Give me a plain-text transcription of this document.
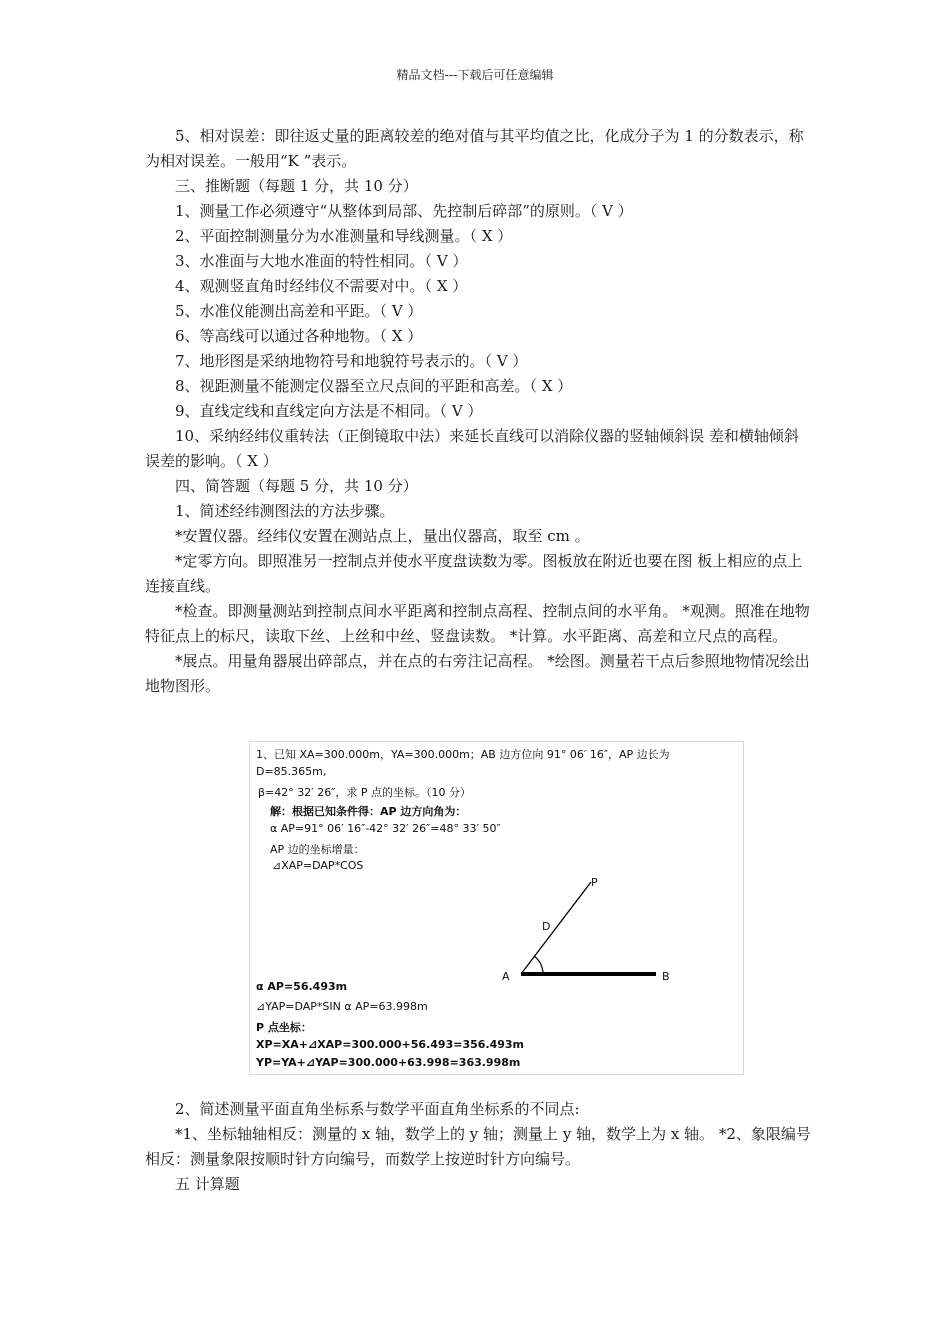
精品文档---下载后可任意编辑

5、相对误差：即往返丈量的距离较差的绝对值与其平均值之比，化成分子为 1 的分数表示，称为相对误差。一般用“K ”表示。

三、推断题（每题 1 分，共 10 分）

1、测量工作必须遵守“从整体到局部、先控制后碎部”的原则。（ V ）

2、平面控制测量分为水准测量和导线测量。（ X ）

3、水准面与大地水准面的特性相同。（ V ）

4、观测竖直角时经纬仪不需要对中。（ X ）

5、水准仪能测出高差和平距。（ V ）

6、等高线可以通过各种地物。（ X ）

7、地形图是采纳地物符号和地貌符号表示的。（ V ）

8、视距测量不能测定仪器至立尺点间的平距和高差。（ X ）

9、直线定线和直线定向方法是不相同。（ V ）

10、采纳经纬仪重转法（正倒镜取中法）来延长直线可以消除仪器的竖轴倾斜误 差和横轴倾斜误差的影响。（ X ）

四、简答题（每题 5 分，共 10 分）

1、简述经纬测图法的方法步骤。

*安置仪器。经纬仪安置在测站点上，量出仪器高，取至 cm 。

*定零方向。即照准另一控制点并使水平度盘读数为零。图板放在附近也要在图 板上相应的点上连接直线。

*检查。即测量测站到控制点间水平距离和控制点高程、控制点间的水平角。 *观测。照准在地物特征点上的标尺，读取下丝、上丝和中丝、竖盘读数。 *计算。水平距离、高差和立尺点的高程。

*展点。用量角器展出碎部点，并在点的右旁注记高程。 *绘图。测量若干点后参照地物情况绘出地物图形。

1、已知 XA=300.000m，YA=300.000m；AB 边方位向 91° 06′ 16″，AP 边长为
D=85.365m,
β=42° 32′ 26″，求 P 点的坐标。（10 分）
解：根据已知条件得：AP 边方向角为：
α AP=91° 06′ 16″-42° 32′ 26″=48° 33′ 50″
AP 边的坐标增量：
⊿XAP=DAP*COS
P
D
A	B
α AP=56.493m
⊿YAP=DAP*SIN α AP=63.998m
P 点坐标：
XP=XA+⊿XAP=300.000+56.493=356.493m
YP=YA+⊿YAP=300.000+63.998=363.998m

2、简述测量平面直角坐标系与数学平面直角坐标系的不同点:

*1、坐标轴轴相反：测量的 x 轴，数学上的 y 轴；测量上 y 轴，数学上为 x 轴。 *2、象限编号相反：测量象限按顺时针方向编号，而数学上按逆时针方向编号。

五 计算题
